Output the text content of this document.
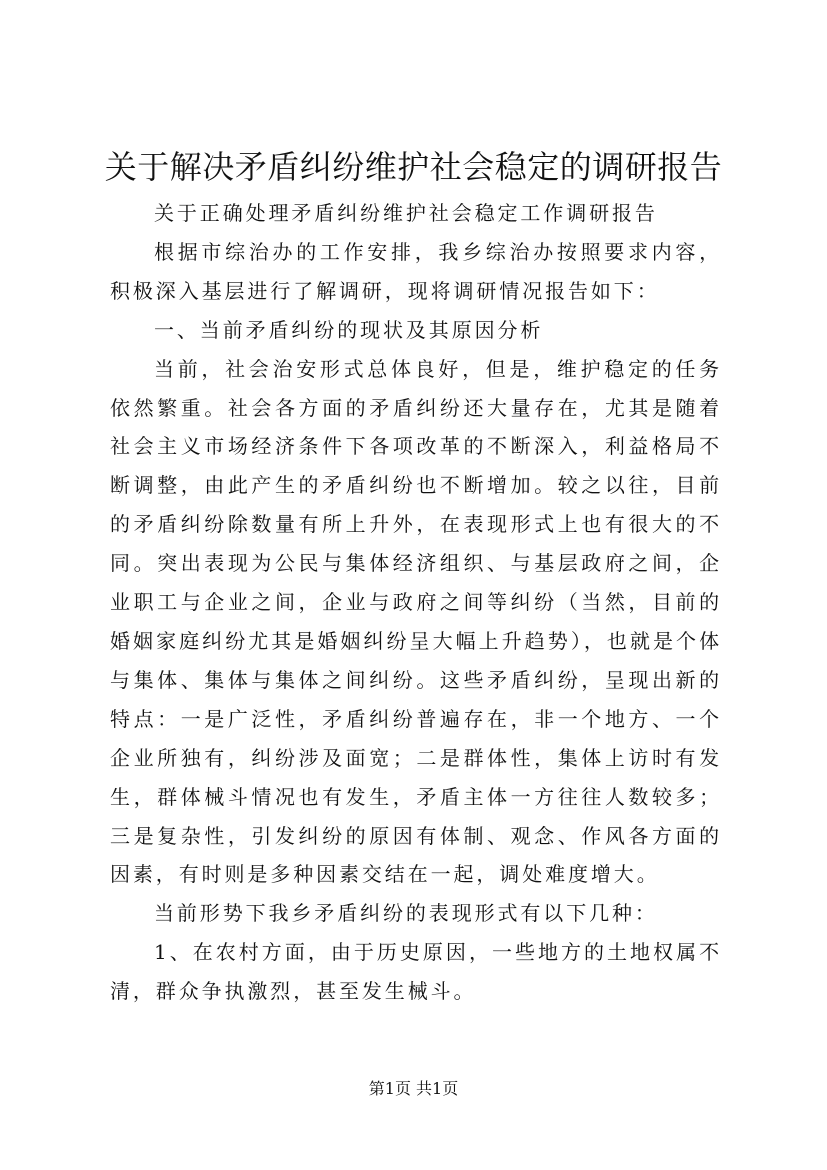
关于解决矛盾纠纷维护社会稳定的调研报告

关于正确处理矛盾纠纷维护社会稳定工作调研报告

根据市综治办的工作安排，我乡综治办按照要求内容，积极深入基层进行了解调研，现将调研情况报告如下：

一、当前矛盾纠纷的现状及其原因分析

当前，社会治安形式总体良好，但是，维护稳定的任务依然繁重。社会各方面的矛盾纠纷还大量存在，尤其是随着社会主义市场经济条件下各项改革的不断深入，利益格局不断调整，由此产生的矛盾纠纷也不断增加。较之以往，目前的矛盾纠纷除数量有所上升外，在表现形式上也有很大的不同。突出表现为公民与集体经济组织、与基层政府之间，企业职工与企业之间，企业与政府之间等纠纷（当然，目前的婚姻家庭纠纷尤其是婚姻纠纷呈大幅上升趋势），也就是个体与集体、集体与集体之间纠纷。这些矛盾纠纷，呈现出新的特点：一是广泛性，矛盾纠纷普遍存在，非一个地方、一个企业所独有，纠纷涉及面宽；二是群体性，集体上访时有发生，群体械斗情况也有发生，矛盾主体一方往往人数较多；三是复杂性，引发纠纷的原因有体制、观念、作风各方面的因素，有时则是多种因素交结在一起，调处难度增大。

当前形势下我乡矛盾纠纷的表现形式有以下几种：

1、在农村方面，由于历史原因，一些地方的土地权属不清，群众争执激烈，甚至发生械斗。

第1页 共1页
